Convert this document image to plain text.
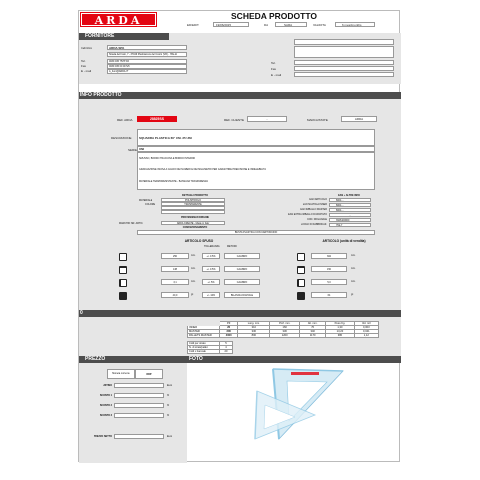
ARDA	SCHEDA PRODOTTO
ED/EDIT.	19/06/2015	DA	SARA	VALIDITA'	6 mesi/months
FORNITORE
Indirizzo	ARDA SPA
Strada del Fosti, 7 - 37049 Pianbiancos del Ccorsi (VR) - ITALIA
Tel.	0039 045 7578 5/6
Fax	0039 045 00 00 5/6
E - mail	A_boni@ARDA.IT
Tel.
Fax
E - mail
INFO PRODOTTO
REF. ARDA	28825SS	REF. CLIENTE	-	MARCA/STATE	ARDA
DESCRIZIONE	SQUADRA PLASTICA 60° CM. 25 UNI
SERIE UNI
SMUSSO, BORDO TRACCINA E BORDO INTERNO
GRADUAZIONE INCISA A CALDO DEI NUMERI E DEI MILLIMETRI PER GARANTIRE PRECISIONE E INDELEBILITA'
MATERIALE TERMORESISTENTE - BASSANA TRASPARENZA
DETTAGLI PRODOTTO
MATERIALE	POLISTIROLO
COLORE	TRASPARENTE
PROVENIENZA/ORIGINE
MARCHIO NR. ARTIC.	ARDA CREATE - Made in Italy
CONFEZIONAMENTO
BUSTA PLASTICA CON CARTONCINO
EAN + ALTRE INFO
EAN ARTICOLO	8004....
EAN SCATOLA INNER	8004....
EAN IMBALLO MASTER	8004....
EAN EXTRA IMBALLO D'ARCHIVIO	-
COD. DOGANALE	3926100000
LUOGO DI FABBRICAZ.	ITALY
ARTICOLO SFUSO
TOLLERANZA	METODO
250	mm.	+/- 0.5%	CALIBRO
138	mm.	+/- 0.5%	CALIBRO
3,1	mm.	+/- 5%	CALIBRO
40,0	gr.	+/- 10%	BILANCIA DIGITALE
ARTICOLO (unità di vendita)
302	mm.
150	mm.
5,0	mm.
64	gr.
0
	PZ	Lung. mm.	Prof. mm.	Alt. mm.	Peso Kg.	Vol. m3
INNER	20	310	160	70	1,30	0,003
MASTER	200	330	330	340	13,20	0,041
PALLETS MASTER	4000	800	1200	1170	380	1,12
Colli per strato	5
N. di strati/pallet	4
Colli x bancale	20
PREZZO
Moneta corrente	DDP
LISTINO	Euro
SCONTO 1	%
SCONTO 2	%
SCONTO 3	%
PREZZO NETTO	Euro
FOTO
